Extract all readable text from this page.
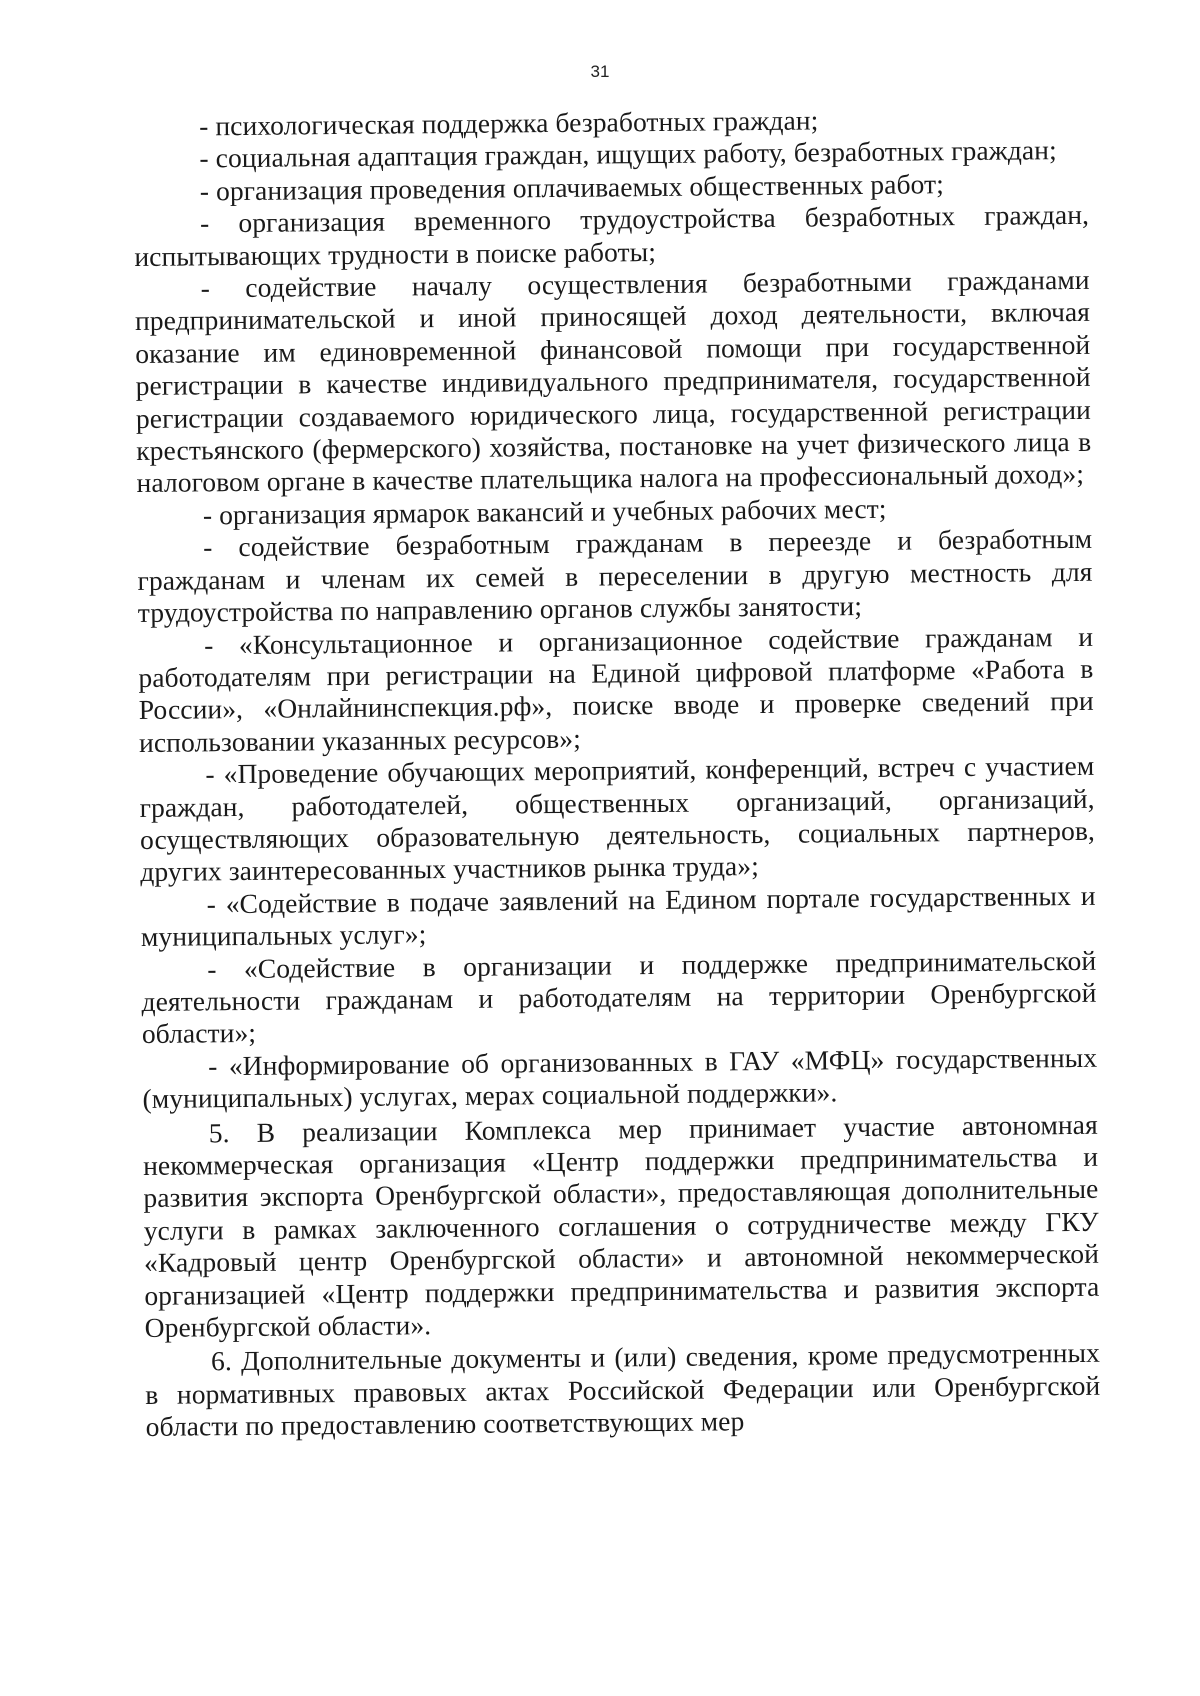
31

- психологическая поддержка безработных граждан;

- социальная адаптация граждан, ищущих работу, безработных граждан;

- организация проведения оплачиваемых общественных работ;

- организация временного трудоустройства безработных граждан, испытывающих трудности в поиске работы;

- содействие началу осуществления безработными гражданами предпринимательской и иной приносящей доход деятельности, включая оказание им единовременной финансовой помощи при государственной регистрации в качестве индивидуального предпринимателя, государственной регистрации создаваемого юридического лица, государственной регистрации крестьянского (фермерского) хозяйства, постановке на учет физического лица в налоговом органе в качестве плательщика налога на профессиональный доход»;

- организация ярмарок вакансий и учебных рабочих мест;

- содействие безработным гражданам в переезде и безработным гражданам и членам их семей в переселении в другую местность для трудоустройства по направлению органов службы занятости;

- «Консультационное и организационное содействие гражданам и работодателям при регистрации на Единой цифровой платформе «Работа в России», «Онлайнинспекция.рф», поиске вводе и проверке сведений при использовании указанных ресурсов»;

- «Проведение обучающих мероприятий, конференций, встреч с участием граждан, работодателей, общественных организаций, организаций, осуществляющих образовательную деятельность, социальных партнеров, других заинтересованных участников рынка труда»;

- «Содействие в подаче заявлений на Едином портале государственных и муниципальных услуг»;

- «Содействие в организации и поддержке предпринимательской деятельности гражданам и работодателям на территории Оренбургской области»;

- «Информирование об организованных в ГАУ «МФЦ» государственных (муниципальных) услугах, мерах социальной поддержки».

5. В реализации Комплекса мер принимает участие автономная некоммерческая организация «Центр поддержки предпринимательства и развития экспорта Оренбургской области», предоставляющая дополнительные услуги в рамках заключенного соглашения о сотрудничестве между ГКУ «Кадровый центр Оренбургской области» и автономной некоммерческой организацией «Центр поддержки предпринимательства и развития экспорта Оренбургской области».

6. Дополнительные документы и (или) сведения, кроме предусмотренных в нормативных правовых актах Российской Федерации или Оренбургской области по предоставлению соответствующих мер
